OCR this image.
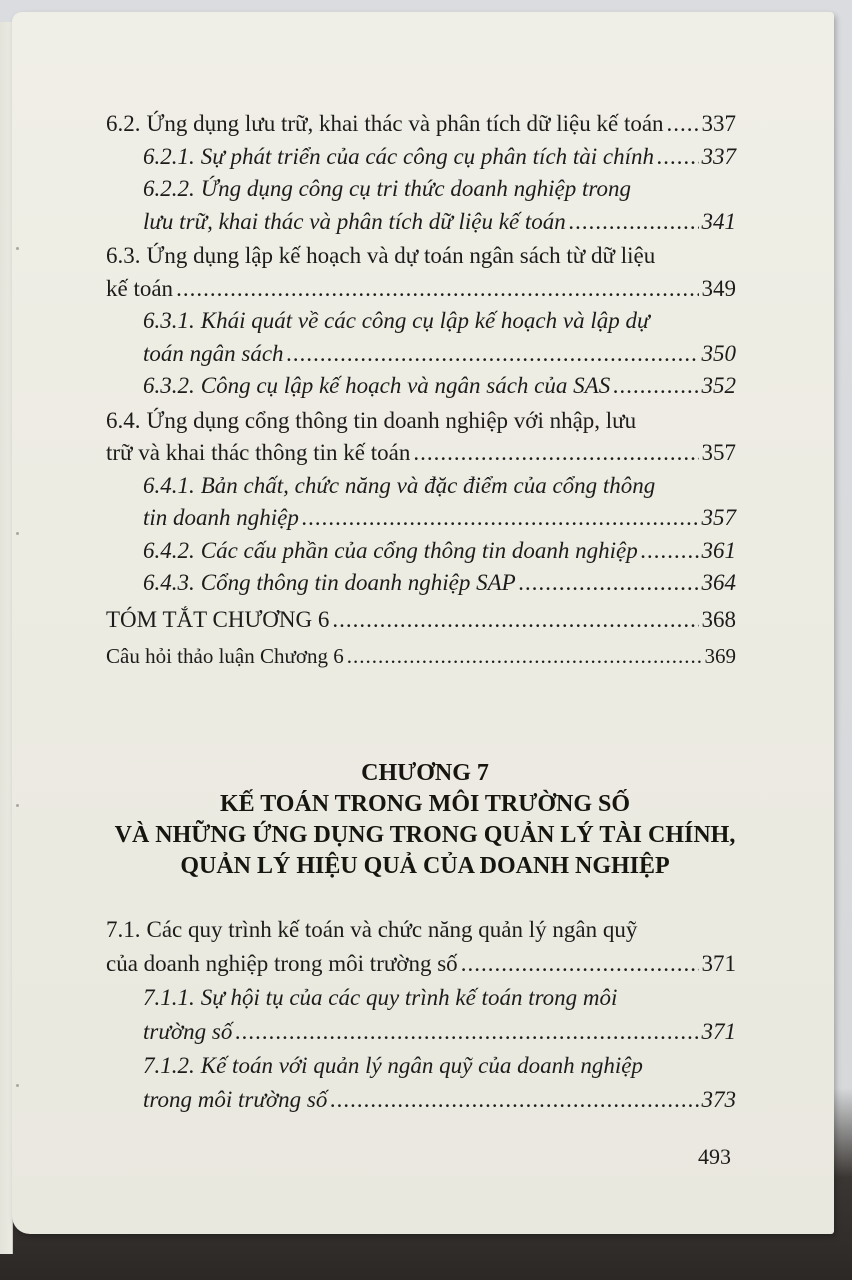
6.2. Ứng dụng lưu trữ, khai thác và phân tích dữ liệu kế toán ..... 337
6.2.1. Sự phát triển của các công cụ phân tích tài chính ..... 337
6.2.2. Ứng dụng công cụ tri thức doanh nghiệp trong
lưu trữ, khai thác và phân tích dữ liệu kế toán .....	341
6.3. Ứng dụng lập kế hoạch và dự toán ngân sách từ dữ liệu
kế toán .....	349
6.3.1. Khái quát về các công cụ lập kế hoạch và lập dự
toán ngân sách .....	350
6.3.2. Công cụ lập kế hoạch và ngân sách của SAS .....	352
6.4. Ứng dụng cổng thông tin doanh nghiệp với nhập, lưu
trữ và khai thác thông tin kế toán .....	357
6.4.1. Bản chất, chức năng và đặc điểm của cổng thông
tin doanh nghiệp .....	357
6.4.2. Các cấu phần của cổng thông tin doanh nghiệp .....	361
6.4.3. Cổng thông tin doanh nghiệp SAP .....	364
TÓM TẮT CHƯƠNG 6 .....	368
Câu hỏi thảo luận Chương 6 .....	369
CHƯƠNG 7
KẾ TOÁN TRONG MÔI TRƯỜNG SỐ
VÀ NHỮNG ỨNG DỤNG TRONG QUẢN LÝ TÀI CHÍNH,
QUẢN LÝ HIỆU QUẢ CỦA DOANH NGHIỆP
7.1. Các quy trình kế toán và chức năng quản lý ngân quỹ
của doanh nghiệp trong môi trường số .....	371
7.1.1. Sự hội tụ của các quy trình kế toán trong môi
trường số .....	371
7.1.2. Kế toán với quản lý ngân quỹ của doanh nghiệp
trong môi trường số .....	373
493
